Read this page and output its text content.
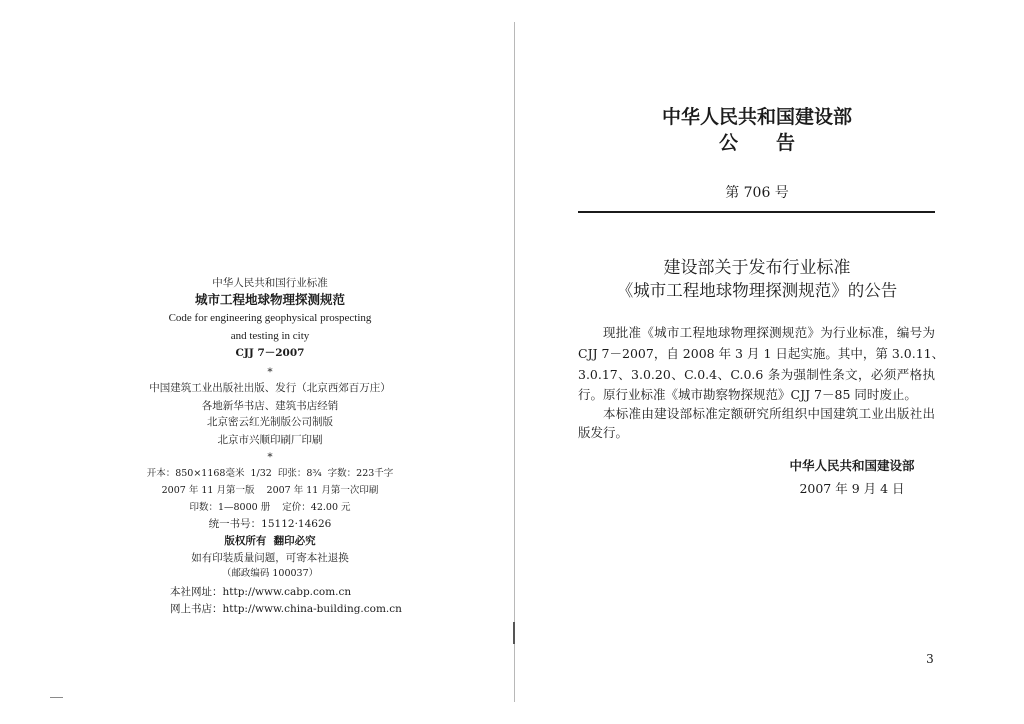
中华人民共和国行业标准
城市工程地球物理探测规范
Code for engineering geophysical prospecting
and testing in city
CJJ 7－2007
*
中国建筑工业出版社出版、发行（北京西郊百万庄）
各地新华书店、建筑书店经销
北京密云红光制版公司制版
北京市兴顺印刷厂印刷
*
开本：850×1168毫米  1/32  印张：8¾  字数：223千字
2007 年 11 月第一版    2007 年 11 月第一次印刷
印数：1—8000 册    定价：42.00 元
统一书号：15112·14626
版权所有  翻印必究
如有印装质量问题，可寄本社退换
（邮政编码 100037）
本社网址：http://www.cabp.com.cn
网上书店：http://www.china-building.com.cn
中华人民共和国建设部
公　　告
第 706 号
建设部关于发布行业标准
《城市工程地球物理探测规范》的公告
现批准《城市工程地球物理探测规范》为行业标准，编号为
CJJ 7－2007，自 2008 年 3 月 1 日起实施。其中，第 3.0.11、
3.0.17、3.0.20、C.0.4、C.0.6 条为强制性条文，必须严格执
行。原行业标准《城市勘察物探规范》CJJ 7－85 同时废止。
本标准由建设部标准定额研究所组织中国建筑工业出版社出
版发行。
中华人民共和国建设部
2007 年 9 月 4 日
3
